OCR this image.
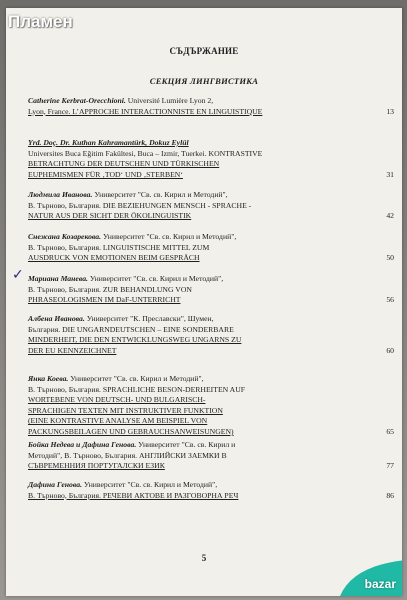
СЪДЪРЖАНИЕ
СЕКЦИЯ ЛИНГВИСТИКА
✓
Catherine Kerbrat-Orecchioni. Université Lumière Lyon 2,
Lyon, France. L’APPROCHE INTERACTIONNISTE EN LINGUISTIQUE	13
Yrd. Doç. Dr. Kuthan Kahramantürk, Dokuz Eylül
Universites Buca Eğitim Fakültesi, Buca – Izmir, Tuerkei. KONTRASTIVE
BETRACHTUNG DER DEUTSCHEN UND TÜRKISCHEN
EUPHEMISMEN FÜR ‚TOD‘ UND ‚STERBEN‘	31
Людмила Иванова. Университет "Св. св. Кирил и Методий",
В. Търново, България. DIE BEZIEHUNGEN MENSCH - SPRACHE -
NATUR AUS DER SICHT DER ÖKOLINGUISTIK	42
Снежана Козарекова. Университет "Св. св. Кирил и Методий",
В. Търново, България. LINGUISTISCHE MITTEL ZUM
AUSDRUCK VON EMOTIONEN BEIM GESPRÄCH	50
Мариана Манева. Университет "Св. св. Кирил и Методий",
В. Търново, България. ZUR BEHANDLUNG VON
PHRASEOLOGISMEN IM DaF-UNTERRICHT	56
Албена Иванова. Университет "К. Преславски", Шумен,
България. DIE UNGARNDEUTSCHEN – EINE SONDERBARE
MINDERHEIT, DIE DEN ENTWICKLUNGSWEG UNGARNS ZU
DER EU KENNZEICHNET	60
Янка Коева. Университет "Св. св. Кирил и Методий",
В. Търново, България. SPRACHLICHE BESON-DERHEITEN AUF
WORTEBENE VON DEUTSCH- UND BULGARISCH-
SPRACHIGEN TEXTEN MIT INSTRUKTIVER FUNKTION
(EINE KONTRASTIVE ANALYSE AM BEISPIEL VON
PACKUNGSBEILAGEN UND GEBRAUCHSANWEISUNGEN)	65
Бойка Недева и Дафина Генова. Университет "Св. св. Кирил и
Методий", В. Търново, България. АНГЛИЙСКИ ЗАЕМКИ В
СЪВРЕМЕННИЯ ПОРТУГАЛСКИ ЕЗИК	77
Дафина Генова. Университет "Св. св. Кирил и Методий",
В. Търново, България. РЕЧЕВИ АКТОВЕ И РАЗГОВОРНА РЕЧ	86
5
bazar
Пламен
